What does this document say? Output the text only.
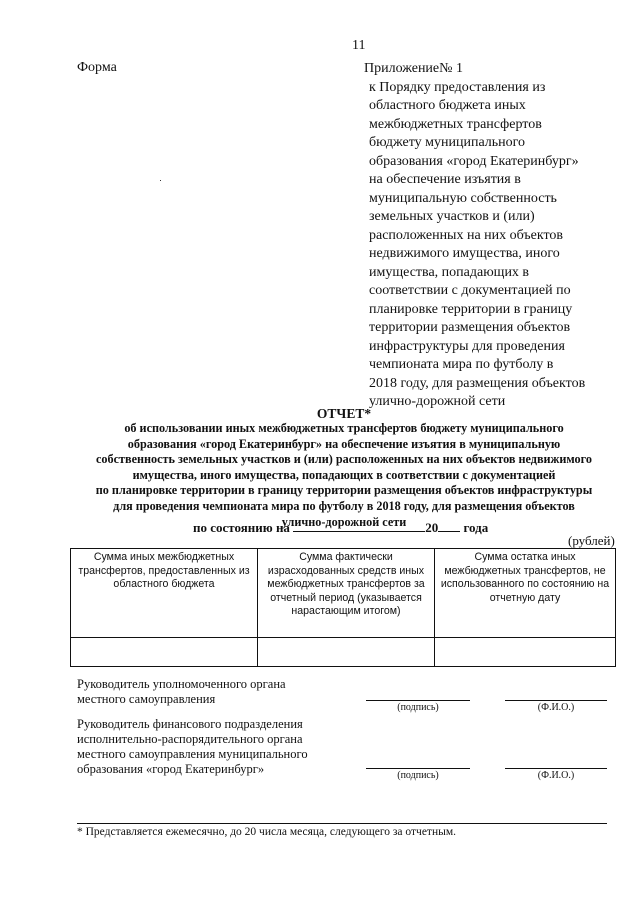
11
Форма	Приложение№ 1
к Порядку предоставления из
областного бюджета иных
межбюджетных трансфертов
бюджету муниципального
образования «город Екатеринбург»
на обеспечение изъятия в
муниципальную собственность
земельных участков и (или)
расположенных на них объектов
недвижимого имущества, иного
имущества, попадающих в
соответствии с документацией по
планировке территории в границу
территории размещения объектов
инфраструктуры для проведения
чемпионата мира по футболу в
2018 году, для размещения объектов
улично-дорожной сети
ОТЧЕТ*
об использовании иных межбюджетных трансфертов бюджету муниципального
образования «город Екатеринбург» на обеспечение изъятия в муниципальную
собственность земельных участков и (или) расположенных на них объектов недвижимого
имущества, иного имущества, попадающих в соответствии с документацией
по планировке территории в границу территории размещения объектов инфраструктуры
для проведения чемпионата мира по футболу в 2018 году, для размещения объектов
улично-дорожной сети
по состоянию на	20 года
(рублей)
Сумма иных межбюджетных трансфертов, предоставленных из областного бюджета	Сумма фактически израсходованных средств иных межбюджетных трансфертов за отчетный период (указывается нарастающим итогом)	Сумма остатка иных межбюджетных трансфертов, не использованного по состоянию на отчетную дату

Руководитель уполномоченного органа
местного самоуправления
(подпись)	(Ф.И.О.)
Руководитель финансового подразделения
исполнительно-распорядительного органа
местного самоуправления муниципального
образования «город Екатеринбург»	(подпись)	(Ф.И.О.)
* Представляется ежемесячно, до 20 числа месяца, следующего за отчетным.
